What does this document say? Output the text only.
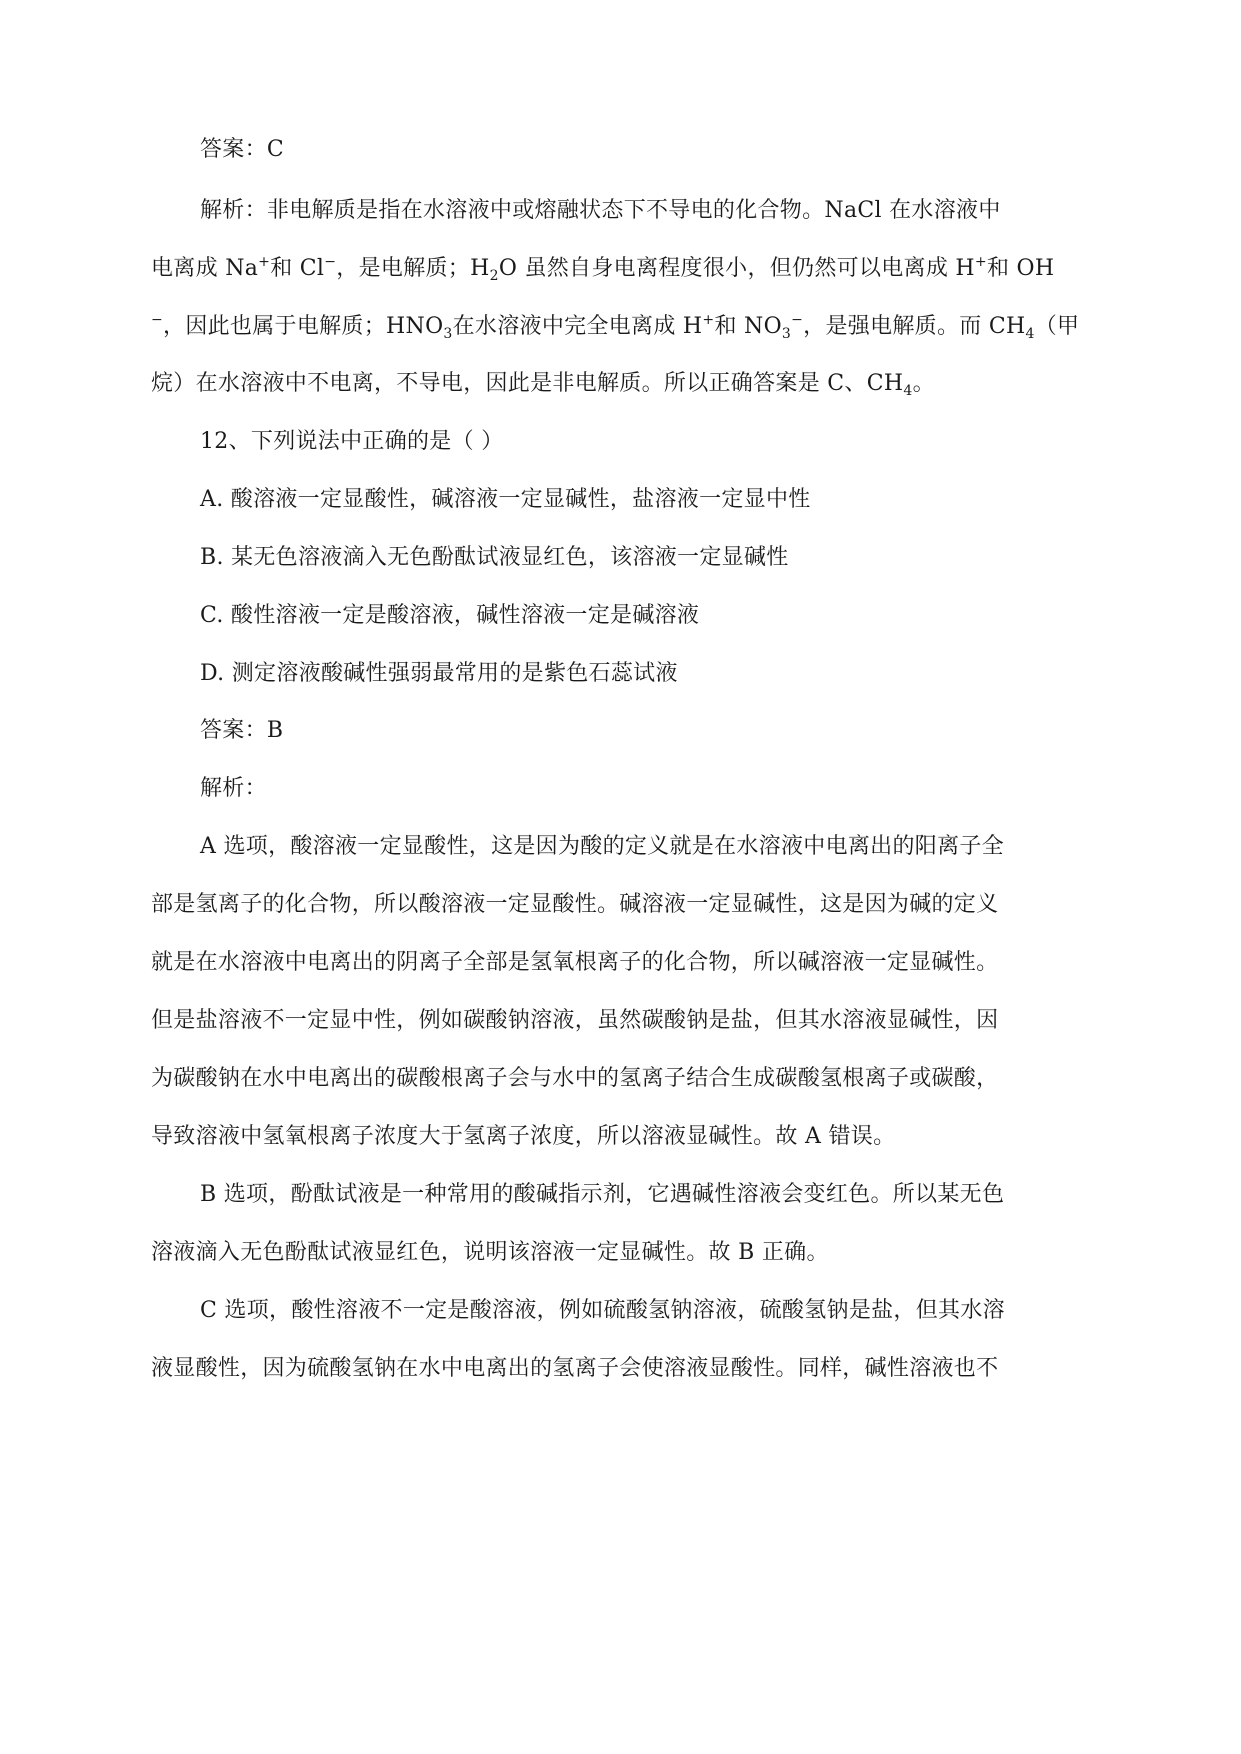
答案：C
解析：非电解质是指在水溶液中或熔融状态下不导电的化合物。NaCl 在水溶液中
电离成 Na+和 Cl−，是电解质；$H_2O$ 虽然自身电离程度很小，但仍然可以电离成 H+和 OH
−，因此也属于电解质；$HNO_3$在水溶液中完全电离成 H+和 $NO_3^-$，是强电解质。而 $CH_4$（甲
烷）在水溶液中不电离，不导电，因此是非电解质。所以正确答案是 C、$CH_4$。
12、下列说法中正确的是（ ）
A. 酸溶液一定显酸性，碱溶液一定显碱性，盐溶液一定显中性
B. 某无色溶液滴入无色酚酞试液显红色，该溶液一定显碱性
C. 酸性溶液一定是酸溶液，碱性溶液一定是碱溶液
D. 测定溶液酸碱性强弱最常用的是紫色石蕊试液
答案：B
解析：
A 选项，酸溶液一定显酸性，这是因为酸的定义就是在水溶液中电离出的阳离子全
部是氢离子的化合物，所以酸溶液一定显酸性。碱溶液一定显碱性，这是因为碱的定义
就是在水溶液中电离出的阴离子全部是氢氧根离子的化合物，所以碱溶液一定显碱性。
但是盐溶液不一定显中性，例如碳酸钠溶液，虽然碳酸钠是盐，但其水溶液显碱性，因
为碳酸钠在水中电离出的碳酸根离子会与水中的氢离子结合生成碳酸氢根离子或碳酸，
导致溶液中氢氧根离子浓度大于氢离子浓度，所以溶液显碱性。故 A 错误。
B 选项，酚酞试液是一种常用的酸碱指示剂，它遇碱性溶液会变红色。所以某无色
溶液滴入无色酚酞试液显红色，说明该溶液一定显碱性。故 B 正确。
C 选项，酸性溶液不一定是酸溶液，例如硫酸氢钠溶液，硫酸氢钠是盐，但其水溶
液显酸性，因为硫酸氢钠在水中电离出的氢离子会使溶液显酸性。同样，碱性溶液也不
